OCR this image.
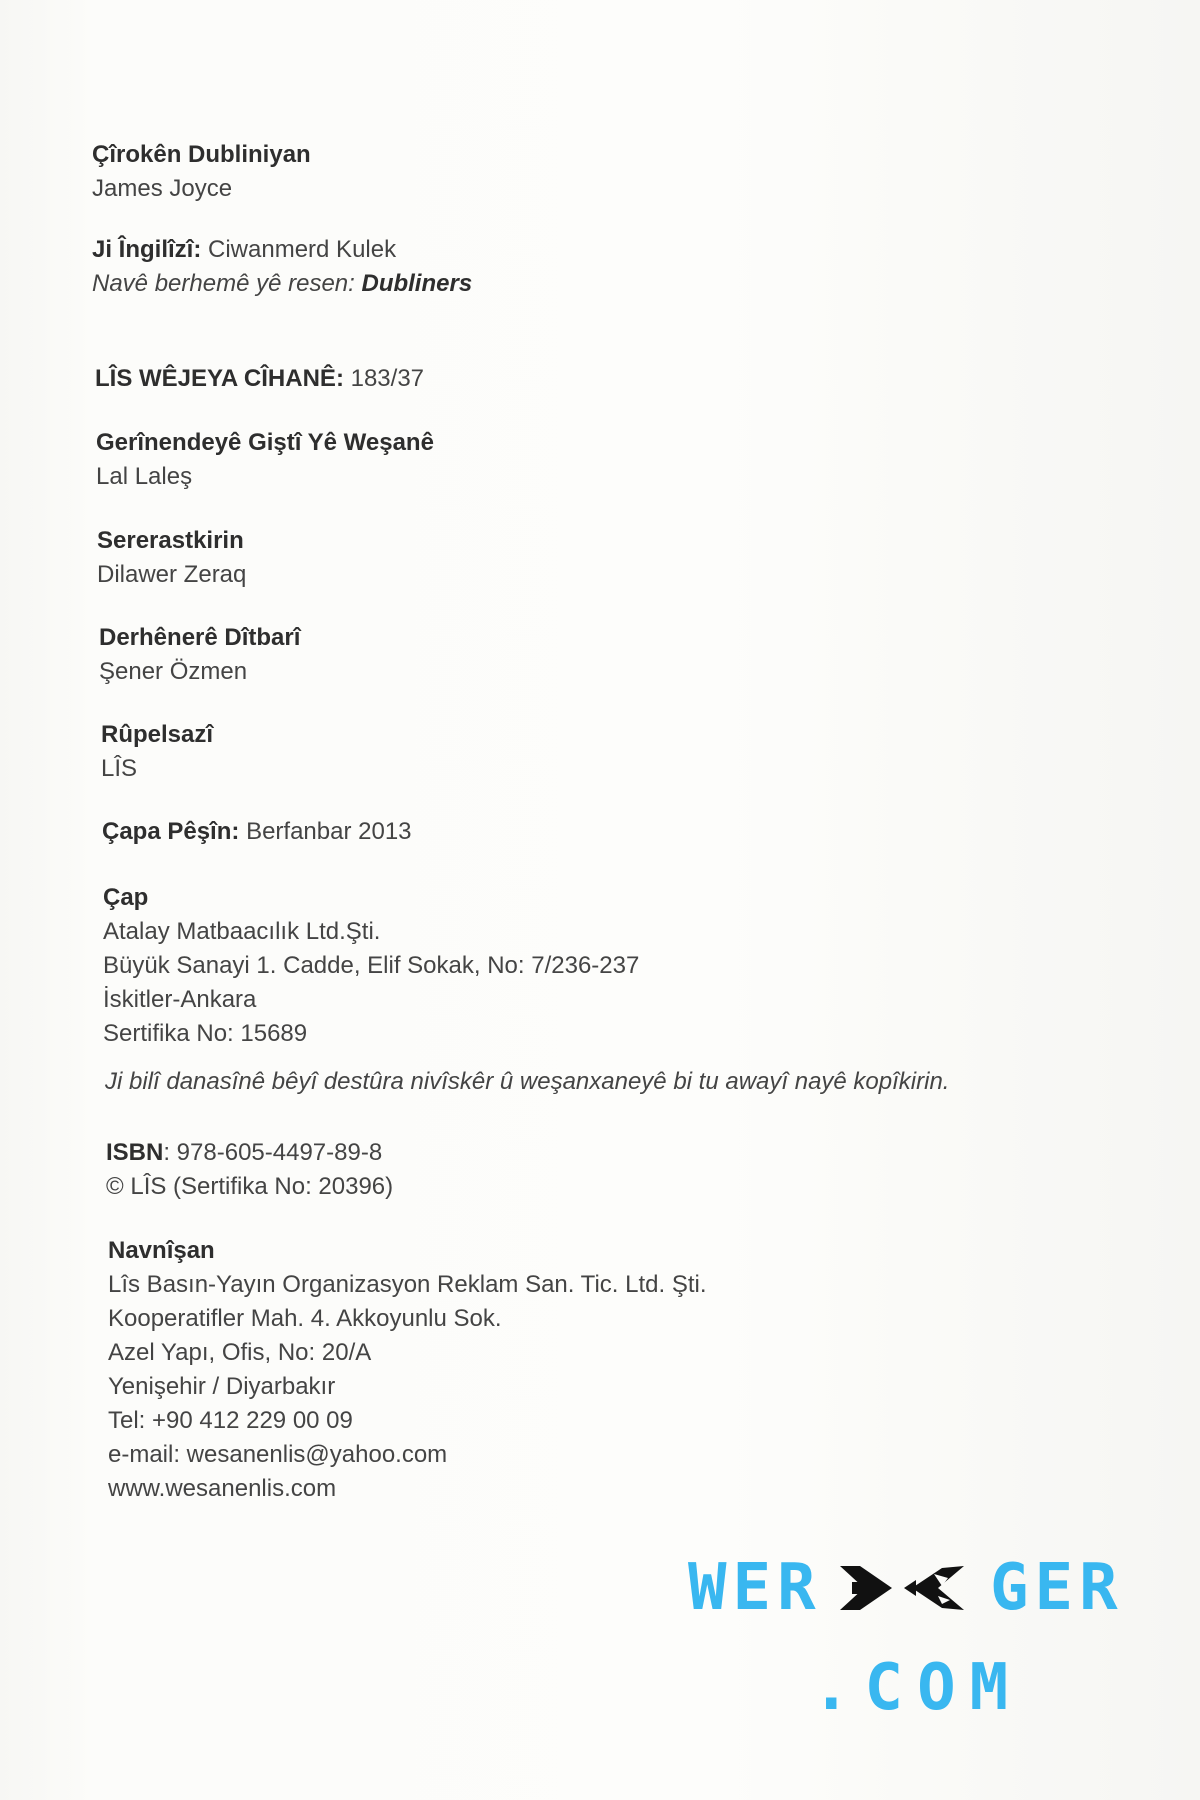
Çîrokên Dubliniyan
James Joyce
Ji Îngilîzî: Ciwanmerd Kulek
Navê berhemê yê resen: Dubliners
LÎS WÊJEYA CÎHANÊ: 183/37
Gerînendeyê Giştî Yê Weşanê
Lal Laleş
Sererastkirin
Dilawer Zeraq
Derhênerê Dîtbarî
Şener Özmen
Rûpelsazî
LÎS
Çapa Pêşîn: Berfanbar 2013
Çap
Atalay Matbaacılık Ltd.Şti.
Büyük Sanayi 1. Cadde, Elif Sokak, No: 7/236-237
İskitler-Ankara
Sertifika No: 15689
Ji bilî danasînê bêyî destûra nivîskêr û weşanxaneyê bi tu awayî nayê kopîkirin.
ISBN: 978-605-4497-89-8
© LÎS (Sertifika No: 20396)
Navnîşan
Lîs Basın-Yayın Organizasyon Reklam San. Tic. Ltd. Şti.
Kooperatifler Mah. 4. Akkoyunlu Sok.
Azel Yapı, Ofis, No: 20/A
Yenişehir / Diyarbakır
Tel: +90 412 229 00 09
e-mail: wesanenlis@yahoo.com
www.wesanenlis.com
WER	GER
.COM
